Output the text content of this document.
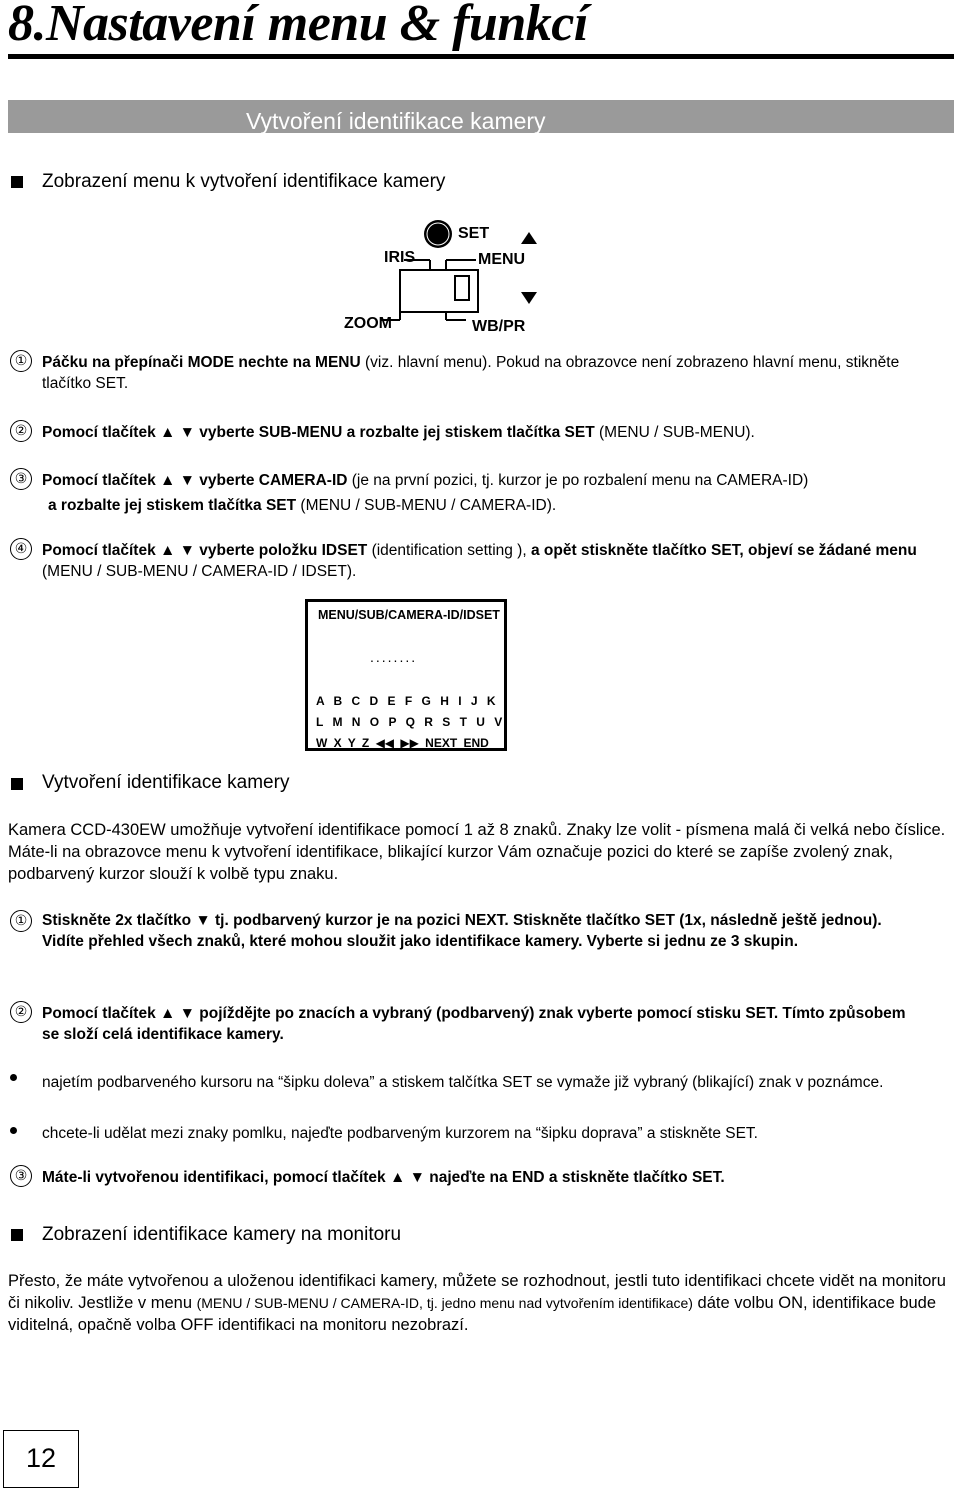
8.Nastavení menu & funkcí
Vytvoření identifikace kamery
Zobrazení menu k vytvoření identifikace kamery
SET
IRIS	MENU
ZOOM	WB/PR
① Páčku na přepínači MODE nechte na MENU (viz. hlavní menu). Pokud na obrazovce není zobrazeno hlavní menu, stikněte tlačítko SET.
② Pomocí tlačítek ▲ ▼ vyberte SUB-MENU a rozbalte jej stiskem tlačítka SET (MENU / SUB-MENU).
③ Pomocí tlačítek ▲ ▼ vyberte CAMERA-ID (je na první pozici, tj. kurzor je po rozbalení menu na CAMERA-ID)
a rozbalte jej stiskem tlačítka SET (MENU / SUB-MENU / CAMERA-ID).
④ Pomocí tlačítek ▲ ▼ vyberte položku IDSET (identification setting ), a opět stiskněte tlačítko SET, objeví se žádané menu (MENU / SUB-MENU / CAMERA-ID / IDSET).
MENU/SUB/CAMERA-ID/IDSET
........
A B C D E F G H I J K
L M N O P Q R S T U V
W X Y Z ◀◀ ▶▶ NEXT END
Vytvoření identifikace kamery
Kamera CCD-430EW umožňuje vytvoření identifikace pomocí 1 až 8 znaků. Znaky lze volit - písmena malá či velká nebo číslice. Máte-li na obrazovce menu k vytvoření identifikace, blikající kurzor Vám označuje pozici do které se zapíše zvolený znak, podbarvený kurzor slouží k volbě typu znaku.
① Stiskněte 2x tlačítko ▼ tj. podbarvený kurzor je na pozici NEXT. Stiskněte tlačítko SET (1x, následně ještě jednou). Vidíte přehled všech znaků, které mohou sloužit jako identifikace kamery. Vyberte si jednu ze 3 skupin.
② Pomocí tlačítek ▲ ▼ pojíždějte po znacích a vybraný (podbarvený) znak vyberte pomocí stisku SET. Tímto způsobem se složí celá identifikace kamery.
najetím podbarveného kursoru na “šipku doleva” a stiskem talčítka SET se vymaže již vybraný (blikající) znak v poznámce.
chcete-li udělat mezi znaky pomlku, najeďte podbarveným kurzorem na “šipku doprava” a stiskněte SET.
③ Máte-li vytvořenou identifikaci, pomocí tlačítek ▲ ▼ najeďte na END a stiskněte tlačítko SET.
Zobrazení identifikace kamery na monitoru
Přesto, že máte vytvořenou a uloženou identifikaci kamery, můžete se rozhodnout, jestli tuto identifikaci chcete vidět na monitoru či nikoliv. Jestliže v menu (MENU / SUB-MENU / CAMERA-ID, tj. jedno menu nad vytvořením identifikace) dáte volbu ON, identifikace bude viditelná, opačně volba OFF identifikaci na monitoru nezobrazí.
12
